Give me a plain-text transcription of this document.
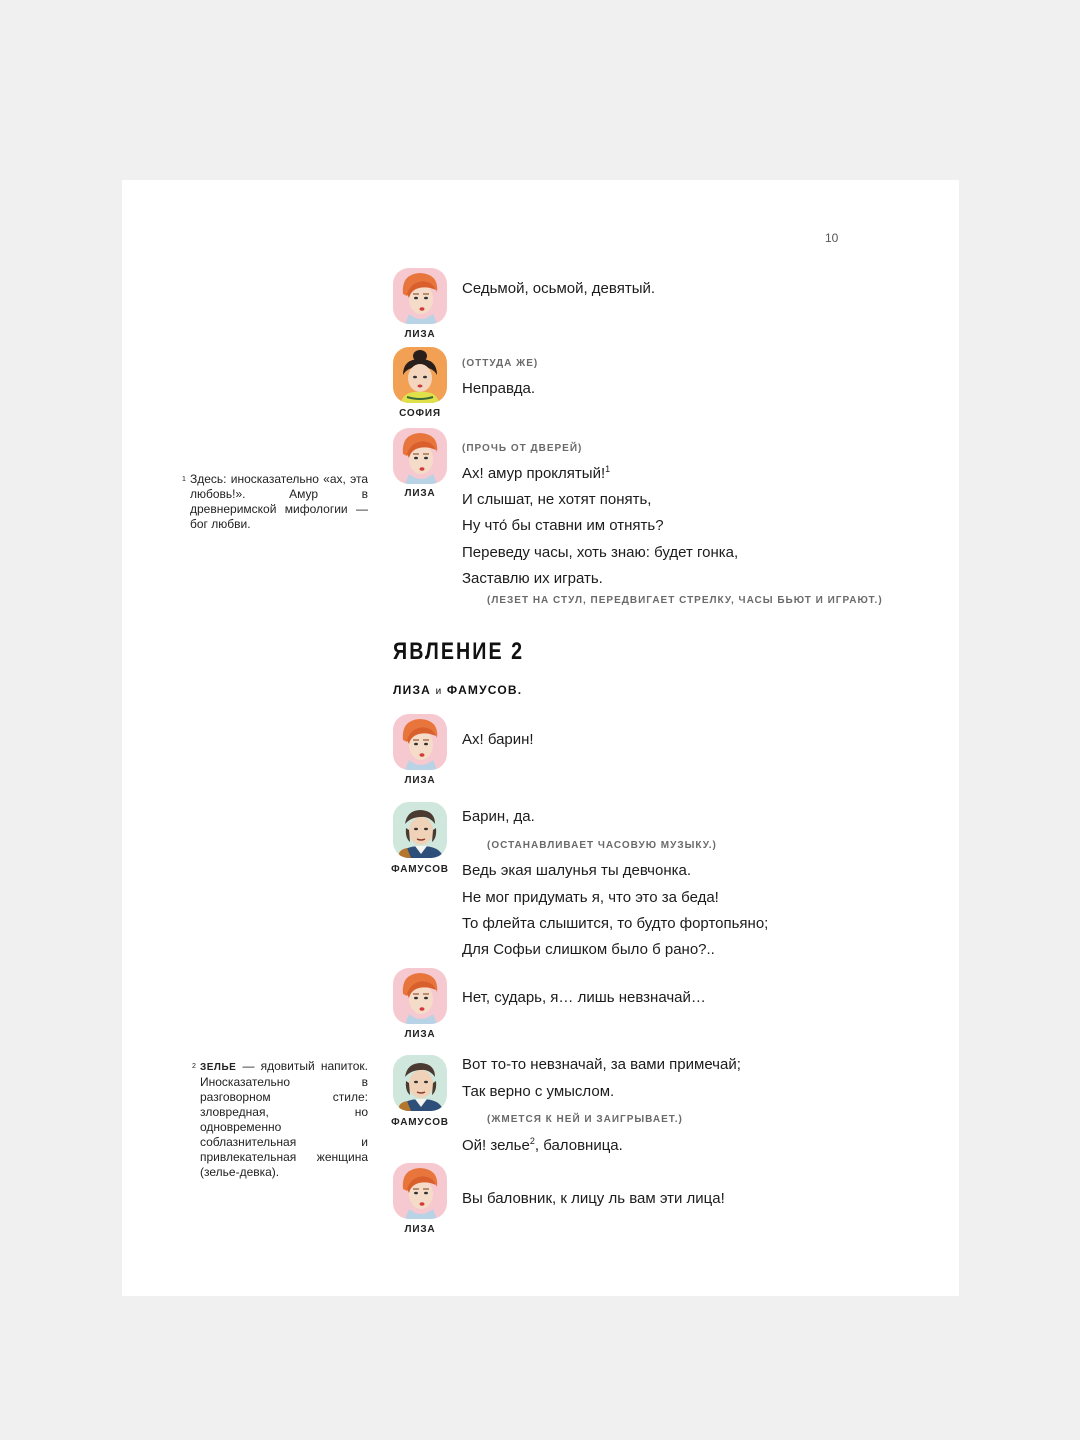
10
ЛИЗА
Седьмой, осьмой, девятый.
СОФИЯ
(ОТТУДА ЖЕ)
Неправда.
ЛИЗА
(ПРОЧЬ ОТ ДВЕРЕЙ)
Ах! амур проклятый!$^1$
И слышат, не хотят понять,
Ну что́ бы ставни им отнять?
Переведу часы, хоть знаю: будет гонка,
Заставлю их играть.
(ЛЕЗЕТ НА СТУЛ, ПЕРЕДВИГАЕТ СТРЕЛКУ, ЧАСЫ БЬЮТ И ИГРАЮТ.)
1 Здесь: иносказательно «ах, эта любовь!». Амур в древнеримской мифологии — бог любви.
ЯВЛЕНИЕ 2
ЛИЗА и ФАМУСОВ.
ЛИЗА
Ах! барин!
ФАМУСОВ
Барин, да.
(ОСТАНАВЛИВАЕТ ЧАСОВУЮ МУЗЫКУ.)
Ведь экая шалунья ты девчонка.
Не мог придумать я, что это за беда!
То флейта слышится, то будто фортопьяно;
Для Софьи слишком было б рано?..
ЛИЗА
Нет, сударь, я… лишь невзначай…
ФАМУСОВ
Вот то-то невзначай, за вами примечай;
Так верно с умыслом.
(ЖМЕТСЯ К НЕЙ И ЗАИГРЫВАЕТ.)
Ой! зелье$^2$, баловница.
2 ЗЕЛЬЕ — ядовитый напиток. Иносказательно в разговорном стиле: зловредная, но одновременно соблазнительная и привлекательная женщина (зелье-девка).
ЛИЗА
Вы баловник, к лицу ль вам эти лица!
